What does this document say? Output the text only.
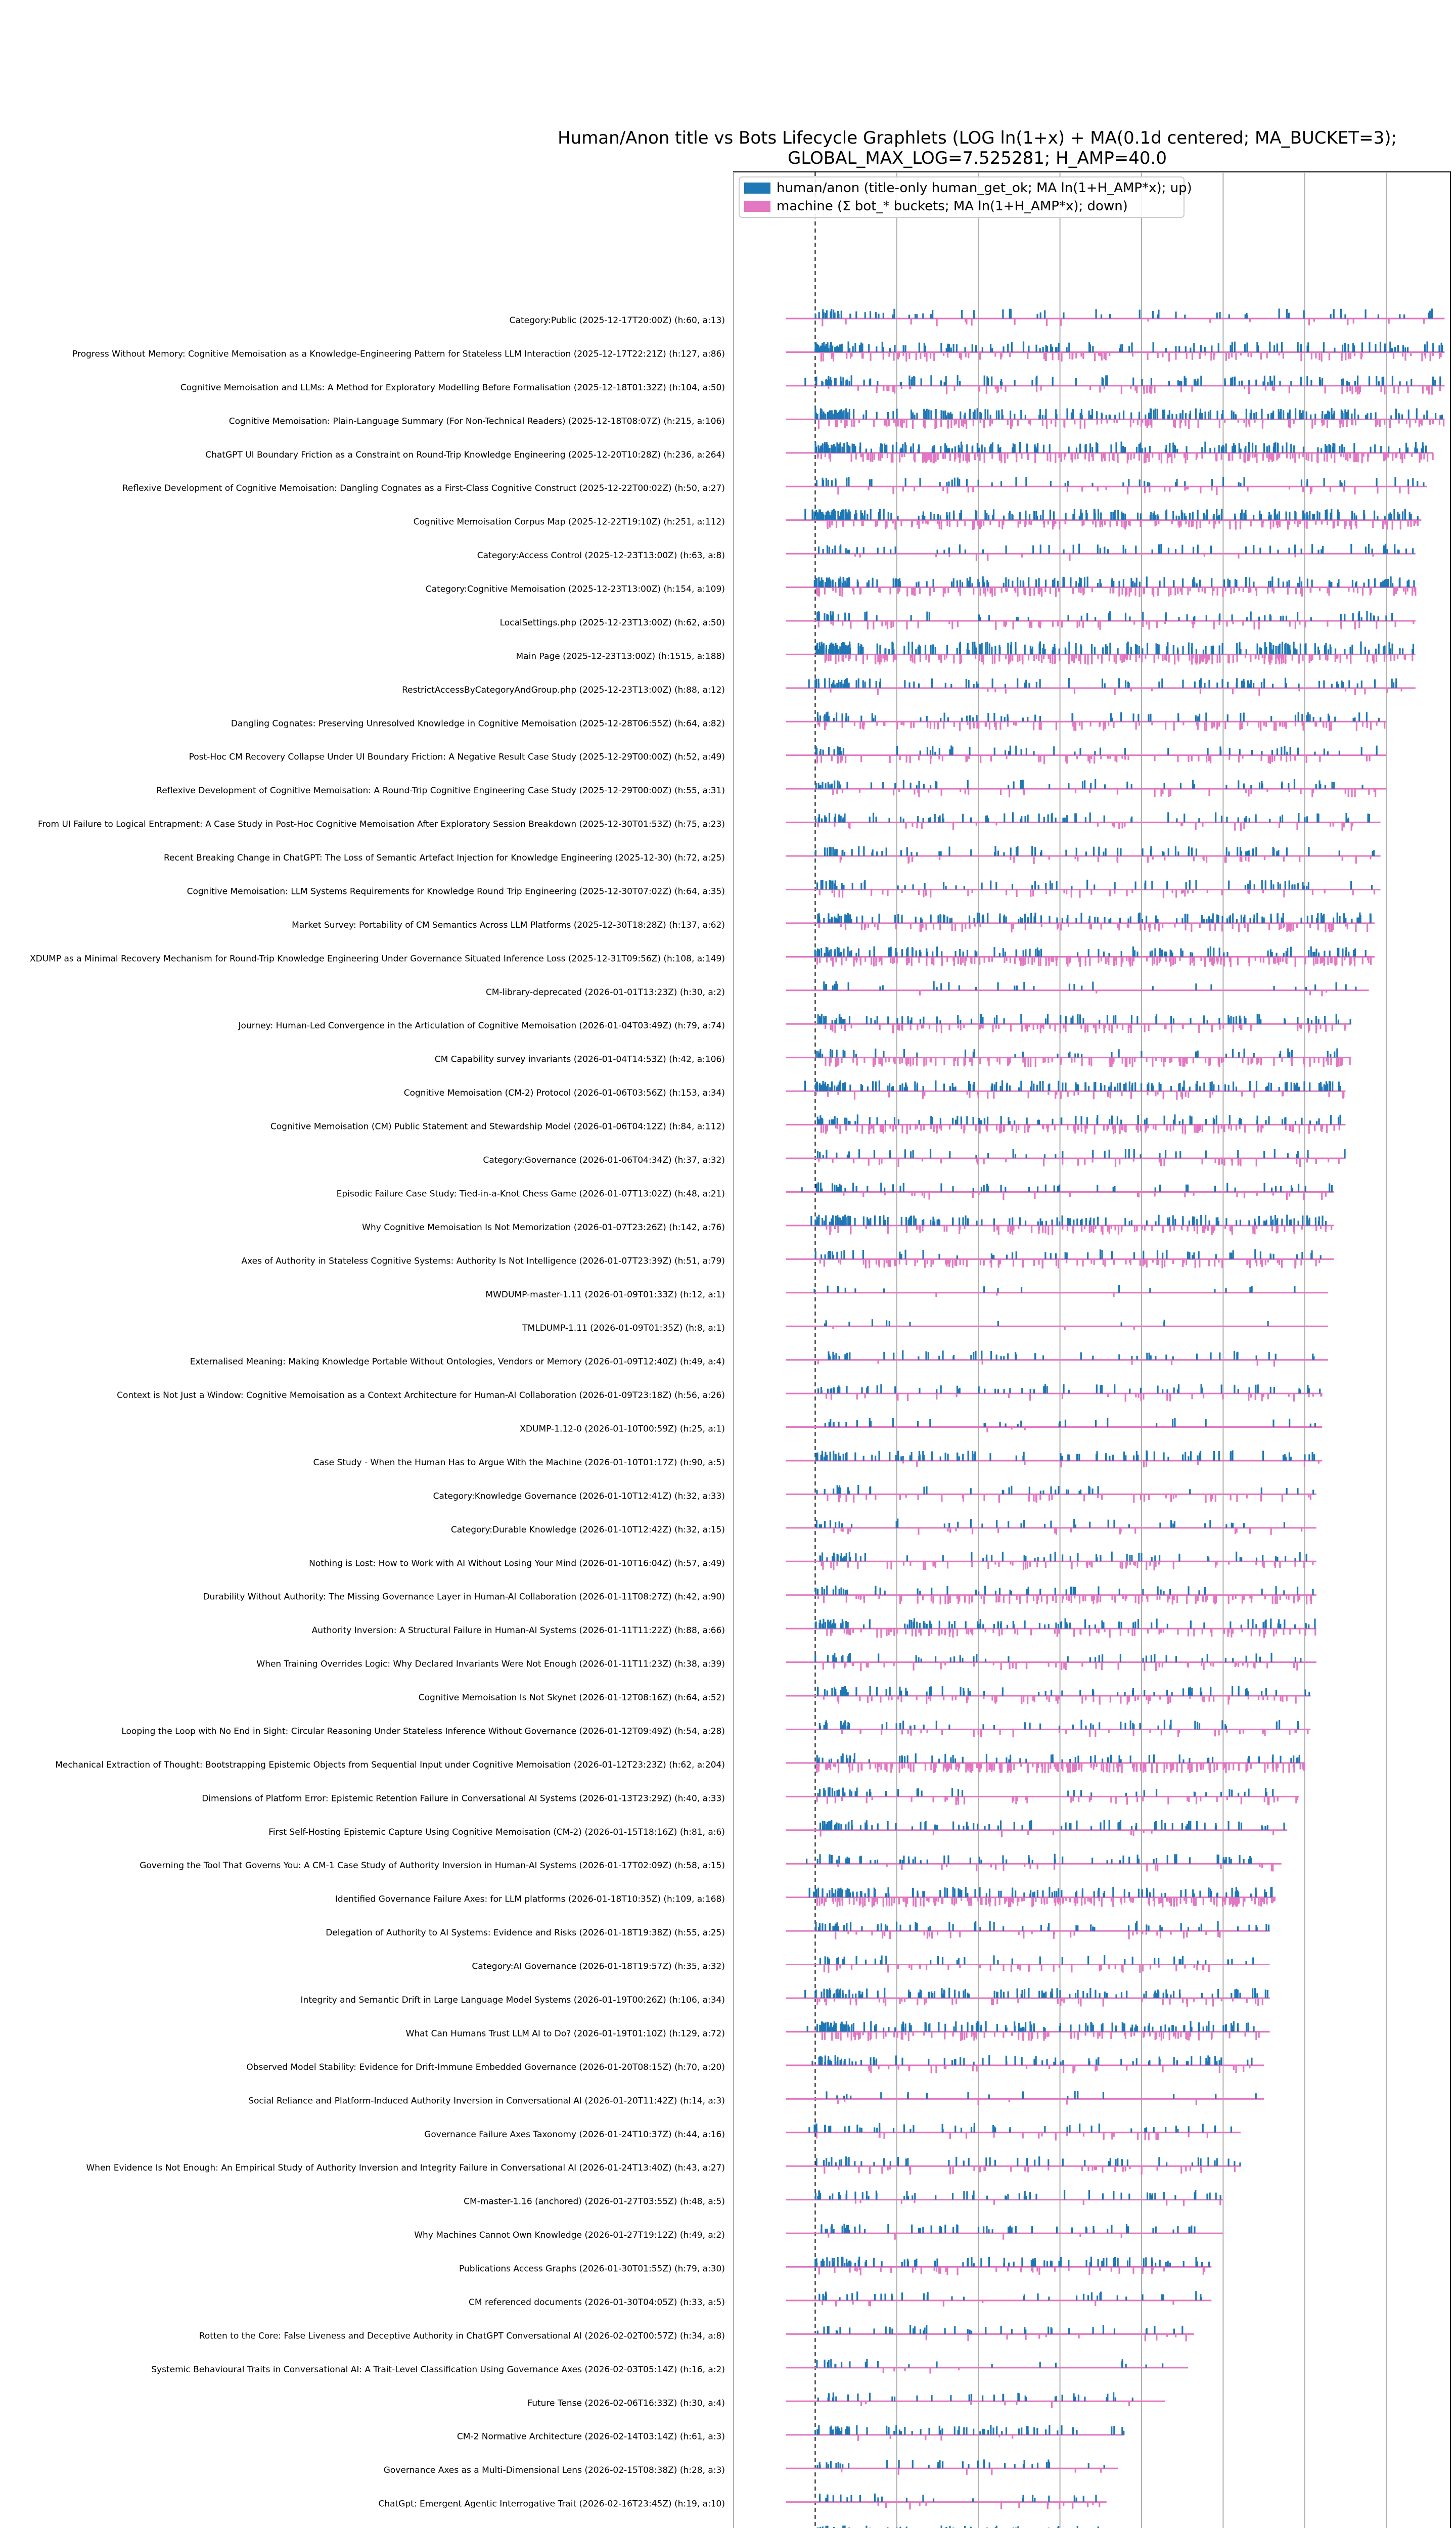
Human/Anon title vs Bots Lifecycle Graphlets (LOG ln(1+x) + MA(0.1d centered; MA_BUCKET=3);
GLOBAL_MAX_LOG=7.525281; H_AMP=40.0
Category:Public (2025-12-17T20:00Z) (h:60, a:13)
Progress Without Memory: Cognitive Memoisation as a Knowledge-Engineering Pattern for Stateless LLM Interaction (2025-12-17T22:21Z) (h:127, a:86)
Cognitive Memoisation and LLMs: A Method for Exploratory Modelling Before Formalisation (2025-12-18T01:32Z) (h:104, a:50)
Cognitive Memoisation: Plain-Language Summary (For Non-Technical Readers) (2025-12-18T08:07Z) (h:215, a:106)
ChatGPT UI Boundary Friction as a Constraint on Round-Trip Knowledge Engineering (2025-12-20T10:28Z) (h:236, a:264)
Reflexive Development of Cognitive Memoisation: Dangling Cognates as a First-Class Cognitive Construct (2025-12-22T00:02Z) (h:50, a:27)
Cognitive Memoisation Corpus Map (2025-12-22T19:10Z) (h:251, a:112)
Category:Access Control (2025-12-23T13:00Z) (h:63, a:8)
Category:Cognitive Memoisation (2025-12-23T13:00Z) (h:154, a:109)
LocalSettings.php (2025-12-23T13:00Z) (h:62, a:50)
Main Page (2025-12-23T13:00Z) (h:1515, a:188)
RestrictAccessByCategoryAndGroup.php (2025-12-23T13:00Z) (h:88, a:12)
Dangling Cognates: Preserving Unresolved Knowledge in Cognitive Memoisation (2025-12-28T06:55Z) (h:64, a:82)
Post-Hoc CM Recovery Collapse Under UI Boundary Friction: A Negative Result Case Study (2025-12-29T00:00Z) (h:52, a:49)
Reflexive Development of Cognitive Memoisation: A Round-Trip Cognitive Engineering Case Study (2025-12-29T00:00Z) (h:55, a:31)
From UI Failure to Logical Entrapment: A Case Study in Post-Hoc Cognitive Memoisation After Exploratory Session Breakdown (2025-12-30T01:53Z) (h:75, a:23)
Recent Breaking Change in ChatGPT: The Loss of Semantic Artefact Injection for Knowledge Engineering (2025-12-30) (h:72, a:25)
Cognitive Memoisation: LLM Systems Requirements for Knowledge Round Trip Engineering (2025-12-30T07:02Z) (h:64, a:35)
Market Survey: Portability of CM Semantics Across LLM Platforms (2025-12-30T18:28Z) (h:137, a:62)
XDUMP as a Minimal Recovery Mechanism for Round-Trip Knowledge Engineering Under Governance Situated Inference Loss (2025-12-31T09:56Z) (h:108, a:149)
CM-library-deprecated (2026-01-01T13:23Z) (h:30, a:2)
Journey: Human-Led Convergence in the Articulation of Cognitive Memoisation (2026-01-04T03:49Z) (h:79, a:74)
CM Capability survey invariants (2026-01-04T14:53Z) (h:42, a:106)
Cognitive Memoisation (CM-2) Protocol (2026-01-06T03:56Z) (h:153, a:34)
Cognitive Memoisation (CM) Public Statement and Stewardship Model (2026-01-06T04:12Z) (h:84, a:112)
Category:Governance (2026-01-06T04:34Z) (h:37, a:32)
Episodic Failure Case Study: Tied-in-a-Knot Chess Game (2026-01-07T13:02Z) (h:48, a:21)
Why Cognitive Memoisation Is Not Memorization (2026-01-07T23:26Z) (h:142, a:76)
Axes of Authority in Stateless Cognitive Systems: Authority Is Not Intelligence (2026-01-07T23:39Z) (h:51, a:79)
MWDUMP-master-1.11 (2026-01-09T01:33Z) (h:12, a:1)
TMLDUMP-1.11 (2026-01-09T01:35Z) (h:8, a:1)
Externalised Meaning: Making Knowledge Portable Without Ontologies, Vendors or Memory (2026-01-09T12:40Z) (h:49, a:4)
Context is Not Just a Window: Cognitive Memoisation as a Context Architecture for Human-AI Collaboration (2026-01-09T23:18Z) (h:56, a:26)
XDUMP-1.12-0 (2026-01-10T00:59Z) (h:25, a:1)
Case Study - When the Human Has to Argue With the Machine (2026-01-10T01:17Z) (h:90, a:5)
Category:Knowledge Governance (2026-01-10T12:41Z) (h:32, a:33)
Category:Durable Knowledge (2026-01-10T12:42Z) (h:32, a:15)
Nothing is Lost: How to Work with AI Without Losing Your Mind (2026-01-10T16:04Z) (h:57, a:49)
Durability Without Authority: The Missing Governance Layer in Human-AI Collaboration (2026-01-11T08:27Z) (h:42, a:90)
Authority Inversion: A Structural Failure in Human-AI Systems (2026-01-11T11:22Z) (h:88, a:66)
When Training Overrides Logic: Why Declared Invariants Were Not Enough (2026-01-11T11:23Z) (h:38, a:39)
Cognitive Memoisation Is Not Skynet (2026-01-12T08:16Z) (h:64, a:52)
Looping the Loop with No End in Sight: Circular Reasoning Under Stateless Inference Without Governance (2026-01-12T09:49Z) (h:54, a:28)
Mechanical Extraction of Thought: Bootstrapping Epistemic Objects from Sequential Input under Cognitive Memoisation (2026-01-12T23:23Z) (h:62, a:204)
Dimensions of Platform Error: Epistemic Retention Failure in Conversational AI Systems (2026-01-13T23:29Z) (h:40, a:33)
First Self-Hosting Epistemic Capture Using Cognitive Memoisation (CM-2) (2026-01-15T18:16Z) (h:81, a:6)
Governing the Tool That Governs You: A CM-1 Case Study of Authority Inversion in Human-AI Systems (2026-01-17T02:09Z) (h:58, a:15)
Identified Governance Failure Axes: for LLM platforms (2026-01-18T10:35Z) (h:109, a:168)
Delegation of Authority to AI Systems: Evidence and Risks (2026-01-18T19:38Z) (h:55, a:25)
Category:AI Governance (2026-01-18T19:57Z) (h:35, a:32)
Integrity and Semantic Drift in Large Language Model Systems (2026-01-19T00:26Z) (h:106, a:34)
What Can Humans Trust LLM AI to Do? (2026-01-19T01:10Z) (h:129, a:72)
Observed Model Stability: Evidence for Drift-Immune Embedded Governance (2026-01-20T08:15Z) (h:70, a:20)
Social Reliance and Platform-Induced Authority Inversion in Conversational AI (2026-01-20T11:42Z) (h:14, a:3)
Governance Failure Axes Taxonomy (2026-01-24T10:37Z) (h:44, a:16)
When Evidence Is Not Enough: An Empirical Study of Authority Inversion and Integrity Failure in Conversational AI (2026-01-24T13:40Z) (h:43, a:27)
CM-master-1.16 (anchored) (2026-01-27T03:55Z) (h:48, a:5)
Why Machines Cannot Own Knowledge (2026-01-27T19:12Z) (h:49, a:2)
Publications Access Graphs (2026-01-30T01:55Z) (h:79, a:30)
CM referenced documents (2026-01-30T04:05Z) (h:33, a:5)
Rotten to the Core: False Liveness and Deceptive Authority in ChatGPT Conversational AI (2026-02-02T00:57Z) (h:34, a:8)
Systemic Behavioural Traits in Conversational AI: A Trait-Level Classification Using Governance Axes (2026-02-03T05:14Z) (h:16, a:2)
Future Tense (2026-02-06T16:33Z) (h:30, a:4)
CM-2 Normative Architecture (2026-02-14T03:14Z) (h:61, a:3)
Governance Axes as a Multi-Dimensional Lens (2026-02-15T08:38Z) (h:28, a:3)
ChatGpt: Emergent Agentic Interrogative Trait (2026-02-16T23:45Z) (h:19, a:10)
human/anon (title-only human_get_ok; MA ln(1+H_AMP*x); up)
machine (Σ bot_* buckets; MA ln(1+H_AMP*x); down)
